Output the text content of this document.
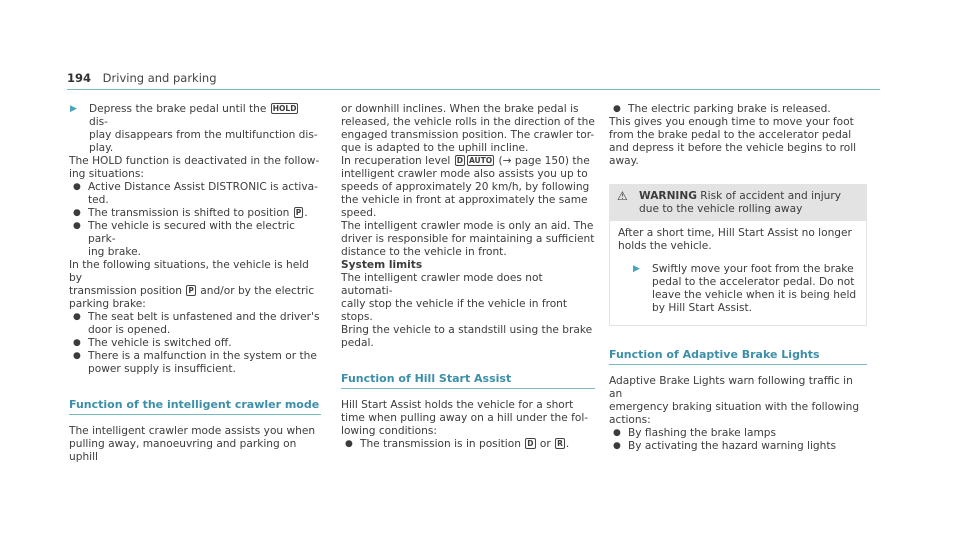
194 Driving and parking
▶	Depress the brake pedal until the HOLD dis-
play disappears from the multifunction dis-
play.
The HOLD function is deactivated in the follow-
ing situations:
● Active Distance Assist DISTRONIC is activa-
ted.
● The transmission is shifted to position P .
● The vehicle is secured with the electric park-
ing brake.
In the following situations, the vehicle is held by
transmission position P and/or by the electric
parking brake:
● The seat belt is unfastened and the driver's
door is opened.
● The vehicle is switched off.
● There is a malfunction in the system or the
power supply is insufficient.
Function of the intelligent crawler mode
The intelligent crawler mode assists you when
pulling away, manoeuvring and parking on uphill
or downhill inclines. When the brake pedal is
released, the vehicle rolls in the direction of the
engaged transmission position. The crawler tor-
que is adapted to the uphill incline.
In recuperation level D AUTO (→ page 150) the
intelligent crawler mode also assists you up to
speeds of approximately 20 km/h, by following
the vehicle in front at approximately the same
speed.
The intelligent crawler mode is only an aid. The
driver is responsible for maintaining a sufficient
distance to the vehicle in front.
System limits
The intelligent crawler mode does not automati-
cally stop the vehicle if the vehicle in front stops.
Bring the vehicle to a standstill using the brake
pedal.
Function of Hill Start Assist
Hill Start Assist holds the vehicle for a short
time when pulling away on a hill under the fol-
lowing conditions:
● The transmission is in position D or R .
● The electric parking brake is released.
This gives you enough time to move your foot
from the brake pedal to the accelerator pedal
and depress it before the vehicle begins to roll
away.
⚠	WARNING Risk of accident and injury
due to the vehicle rolling away
After a short time, Hill Start Assist no longer
holds the vehicle.
▶	Swiftly move your foot from the brake
pedal to the accelerator pedal. Do not
leave the vehicle when it is being held
by Hill Start Assist.
Function of Adaptive Brake Lights
Adaptive Brake Lights warn following traffic in an
emergency braking situation with the following
actions:
● By flashing the brake lamps
● By activating the hazard warning lights
